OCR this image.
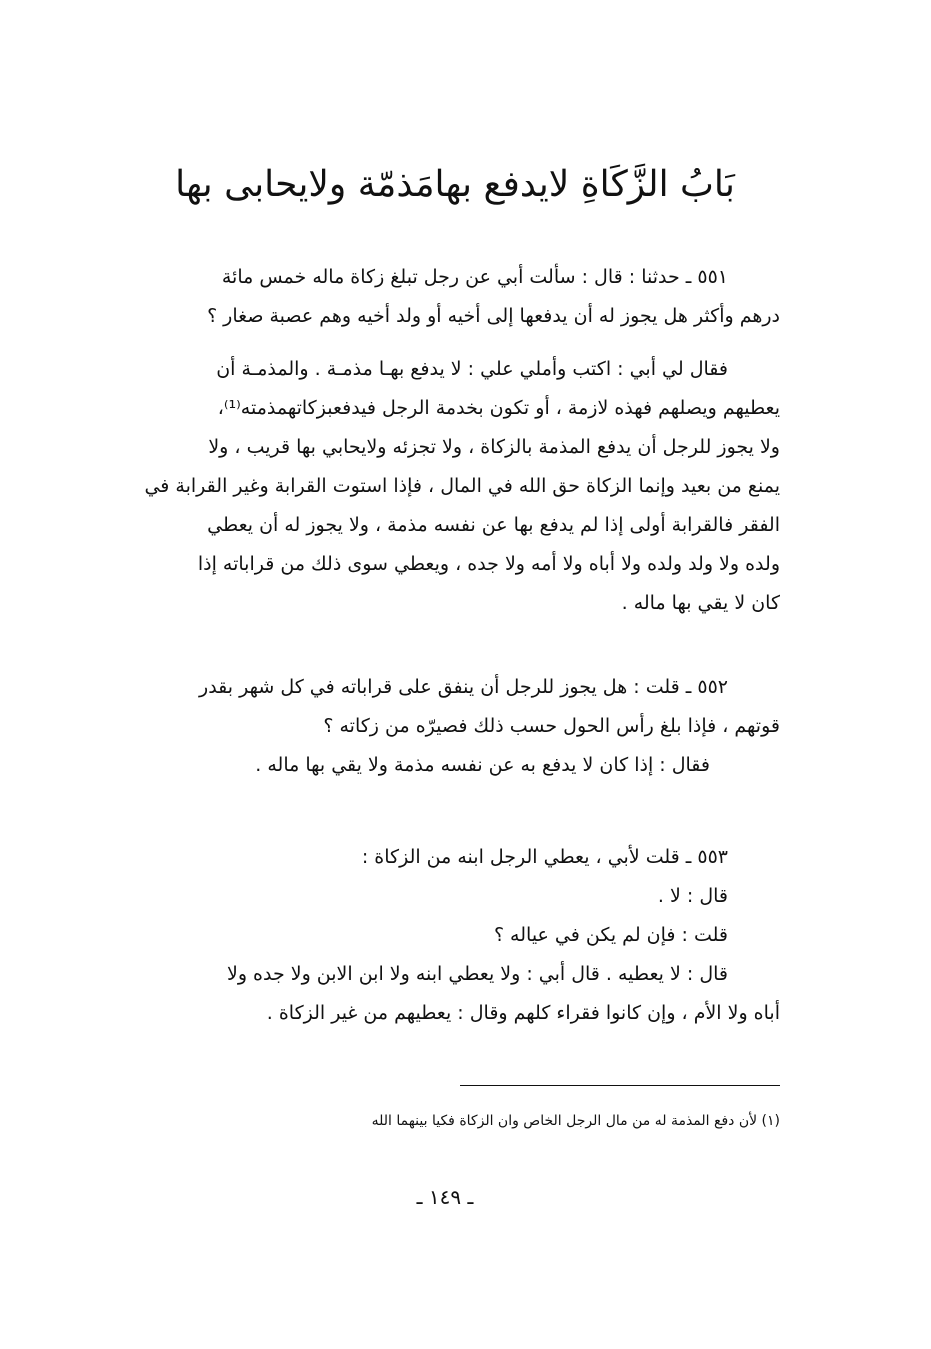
بَابُ الزَّكَاةِ لايدفع بهامَذمّة ولايحابى بها
٥٥١ ـ حدثنا : قال : سألت أبي عن رجل تبلغ زكاة ماله خمس مائة
درهم وأكثر هل يجوز له أن يدفعها إلى أخيه أو ولد أخيه وهم عصبة صغار ؟
فقال لي أبي : اكتب وأملي علي : لا يدفع بهـا مذمـة . والمذمـة أن
يعطيهم ويصلهم فهذه لازمة ، أو تكون بخدمة الرجل فيدفعبزكاتهمذمته⁽¹⁾،
ولا يجوز للرجل أن يدفع المذمة بالزكاة ، ولا تجزئه ولايحابي بها قريب ، ولا
يمنع من بعيد وإنما الزكاة حق الله في المال ، فإذا استوت القرابة وغير القرابة في
الفقر فالقرابة أولى إذا لم يدفع بها عن نفسه مذمة ، ولا يجوز له أن يعطي
ولده ولا ولد ولده ولا أباه ولا أمه ولا جده ، ويعطي سوى ذلك من قراباته إذا
كان لا يقي بها ماله .
٥٥٢ ـ قلت : هل يجوز للرجل أن ينفق على قراباته في كل شهر بقدر
قوتهم ، فإذا بلغ رأس الحول حسب ذلك فصيرّه من زكاته ؟
فقال : إذا كان لا يدفع به عن نفسه مذمة ولا يقي بها ماله .
٥٥٣ ـ قلت لأبي ، يعطي الرجل ابنه من الزكاة :
قال : لا .
قلت : فإن لم يكن في عياله ؟
قال : لا يعطيه . قال أبي : ولا يعطي ابنه ولا ابن الابن ولا جده ولا
أباه ولا الأم ، وإن كانوا فقراء كلهم وقال : يعطيهم من غير الزكاة .
(١) لأن دفع المذمة له من مال الرجل الخاص وان الزكاة فكيا بينهما الله
ـ ١٤٩ ـ
